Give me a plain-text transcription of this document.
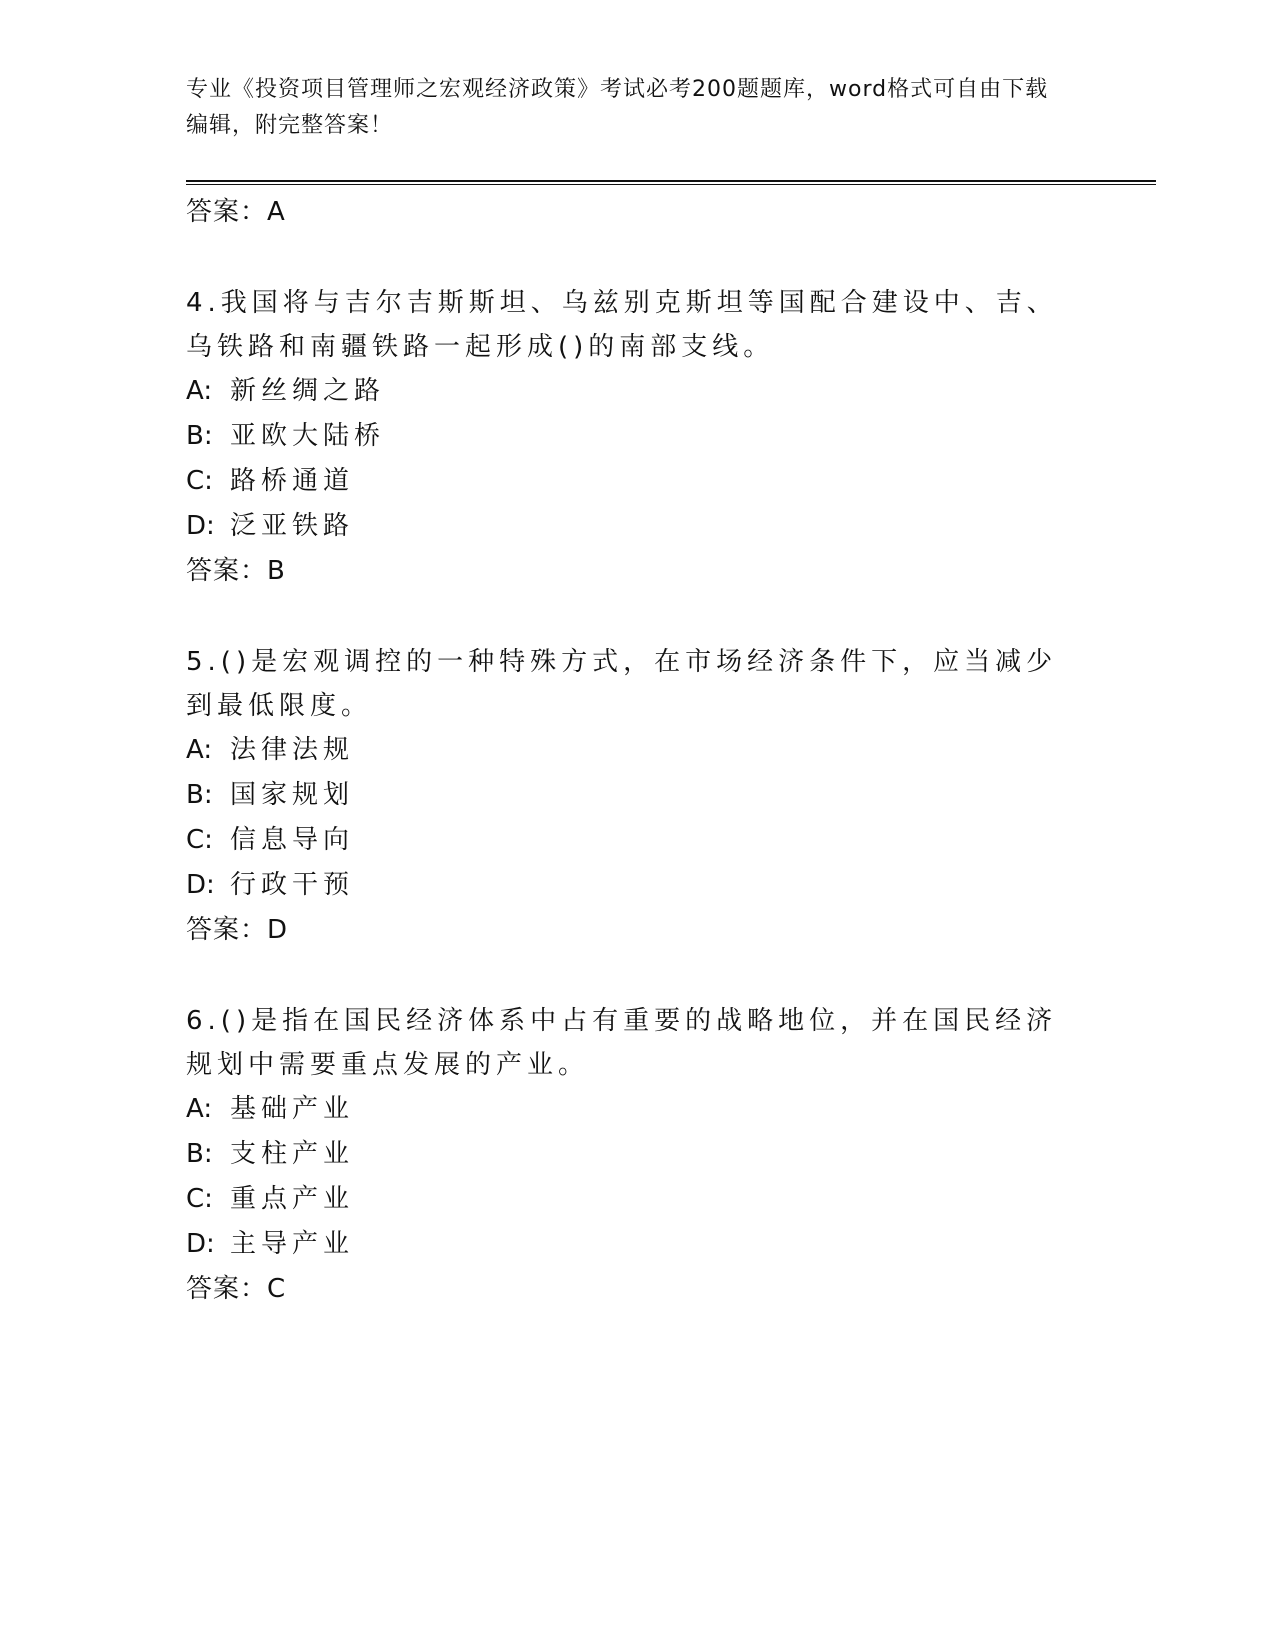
专业《投资项目管理师之宏观经济政策》考试必考200题题库，word格式可自由下载编辑，附完整答案！
答案：A
4.我国将与吉尔吉斯斯坦、乌兹别克斯坦等国配合建设中、吉、乌铁路和南疆铁路一起形成()的南部支线。
A: 新丝绸之路
B: 亚欧大陆桥
C: 路桥通道
D: 泛亚铁路
答案：B
5.()是宏观调控的一种特殊方式，在市场经济条件下，应当减少到最低限度。
A: 法律法规
B: 国家规划
C: 信息导向
D: 行政干预
答案：D
6.()是指在国民经济体系中占有重要的战略地位，并在国民经济规划中需要重点发展的产业。
A: 基础产业
B: 支柱产业
C: 重点产业
D: 主导产业
答案：C
